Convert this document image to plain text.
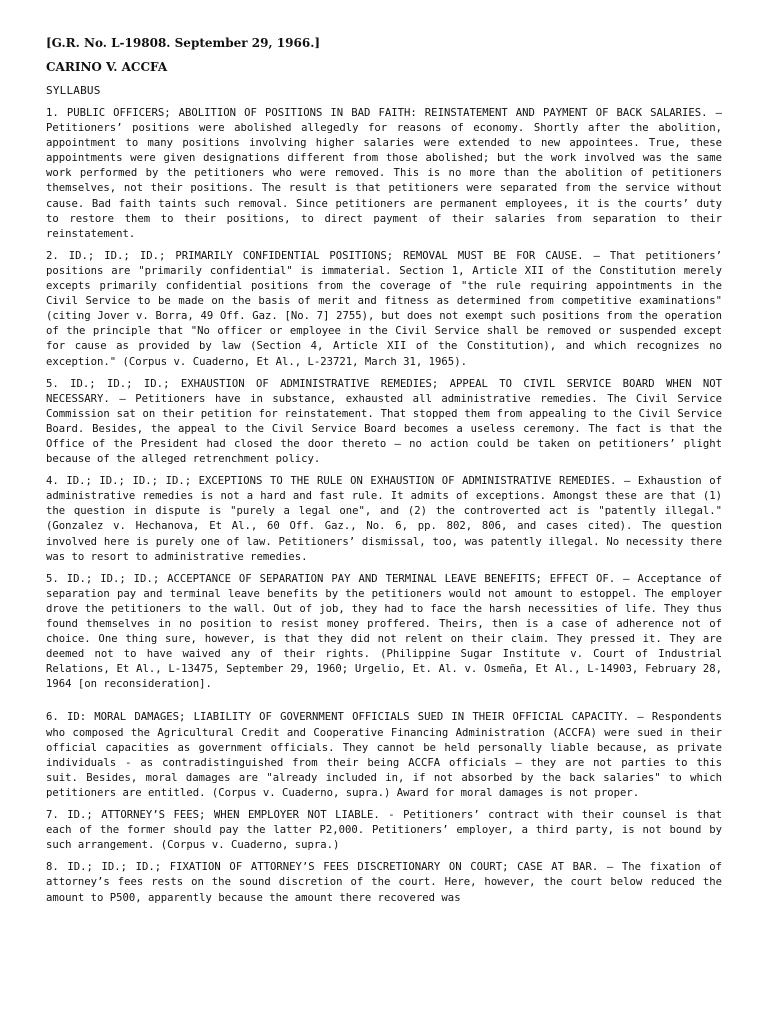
[G.R. No. L-19808. September 29, 1966.]
CARINO V. ACCFA
SYLLABUS

1. PUBLIC OFFICERS; ABOLITION OF POSITIONS IN BAD FAITH: REINSTATEMENT AND PAYMENT OF BACK SALARIES. — Petitioners’ positions were abolished allegedly for reasons of economy. Shortly after the abolition, appointment to many positions involving higher salaries were extended to new appointees. True, these appointments were given designations different from those abolished; but the work involved was the same work performed by the petitioners who were removed. This is no more than the abolition of petitioners themselves, not their positions. The result is that petitioners were separated from the service without cause. Bad faith taints such removal. Since petitioners are permanent employees, it is the courts’ duty to restore them to their positions, to direct payment of their salaries from separation to their reinstatement.

2. ID.; ID.; ID.; PRIMARILY CONFIDENTIAL POSITIONS; REMOVAL MUST BE FOR CAUSE. — That petitioners’ positions are "primarily confidential" is immaterial. Section 1, Article XII of the Constitution merely excepts primarily confidential positions from the coverage of "the rule requiring appointments in the Civil Service to be made on the basis of merit and fitness as determined from competitive examinations" (citing Jover v. Borra, 49 Off. Gaz. [No. 7] 2755), but does not exempt such positions from the operation of the principle that "No officer or employee in the Civil Service shall be removed or suspended except for cause as provided by law (Section 4, Article XII of the Constitution), and which recognizes no exception." (Corpus v. Cuaderno, Et Al., L-23721, March 31, 1965).

5. ID.; ID.; ID.; EXHAUSTION OF ADMINISTRATIVE REMEDIES; APPEAL TO CIVIL SERVICE BOARD WHEN NOT NECESSARY. — Petitioners have in substance, exhausted all administrative remedies. The Civil Service Commission sat on their petition for reinstatement. That stopped them from appealing to the Civil Service Board. Besides, the appeal to the Civil Service Board becomes a useless ceremony. The fact is that the Office of the President had closed the door thereto — no action could be taken on petitioners’ plight because of the alleged retrenchment policy.

4. ID.; ID.; ID.; ID.; EXCEPTIONS TO THE RULE ON EXHAUSTION OF ADMINISTRATIVE REMEDIES. — Exhaustion of administrative remedies is not a hard and fast rule. It admits of exceptions. Amongst these are that (1) the question in dispute is "purely a legal one", and (2) the controverted act is "patently illegal." (Gonzalez v. Hechanova, Et Al., 60 Off. Gaz., No. 6, pp. 802, 806, and cases cited). The question involved here is purely one of law. Petitioners’ dismissal, too, was patently illegal. No necessity there was to resort to administrative remedies.

5. ID.; ID.; ID.; ACCEPTANCE OF SEPARATION PAY AND TERMINAL LEAVE BENEFITS; EFFECT OF. — Acceptance of separation pay and terminal leave benefits by the petitioners would not amount to estoppel. The employer drove the petitioners to the wall. Out of job, they had to face the harsh necessities of life. They thus found themselves in no position to resist money proffered. Theirs, then is a case of adherence not of choice. One thing sure, however, is that they did not relent on their claim. They pressed it. They are deemed not to have waived any of their rights. (Philippine Sugar Institute v. Court of Industrial Relations, Et Al., L-13475, September 29, 1960; Urgelio, Et. Al. v. Osmeña, Et Al., L-14903, February 28, 1964 [on reconsideration].

6. ID: MORAL DAMAGES; LIABILITY OF GOVERNMENT OFFICIALS SUED IN THEIR OFFICIAL CAPACITY. — Respondents who composed the Agricultural Credit and Cooperative Financing Administration (ACCFA) were sued in their official capacities as government officials. They cannot be held personally liable because, as private individuals - as contradistinguished from their being ACCFA officials — they are not parties to this suit. Besides, moral damages are "already included in, if not absorbed by the back salaries" to which petitioners are entitled. (Corpus v. Cuaderno, supra.) Award for moral damages is not proper.

7. ID.; ATTORNEY’S FEES; WHEN EMPLOYER NOT LIABLE. - Petitioners’ contract with their counsel is that each of the former should pay the latter P2,000. Petitioners’ employer, a third party, is not bound by such arrangement. (Corpus v. Cuaderno, supra.)

8. ID.; ID.; ID.; FIXATION OF ATTORNEY’S FEES DISCRETIONARY ON COURT; CASE AT BAR. — The fixation of attorney’s fees rests on the sound discretion of the court. Here, however, the court below reduced the amount to P500, apparently because the amount there recovered was
